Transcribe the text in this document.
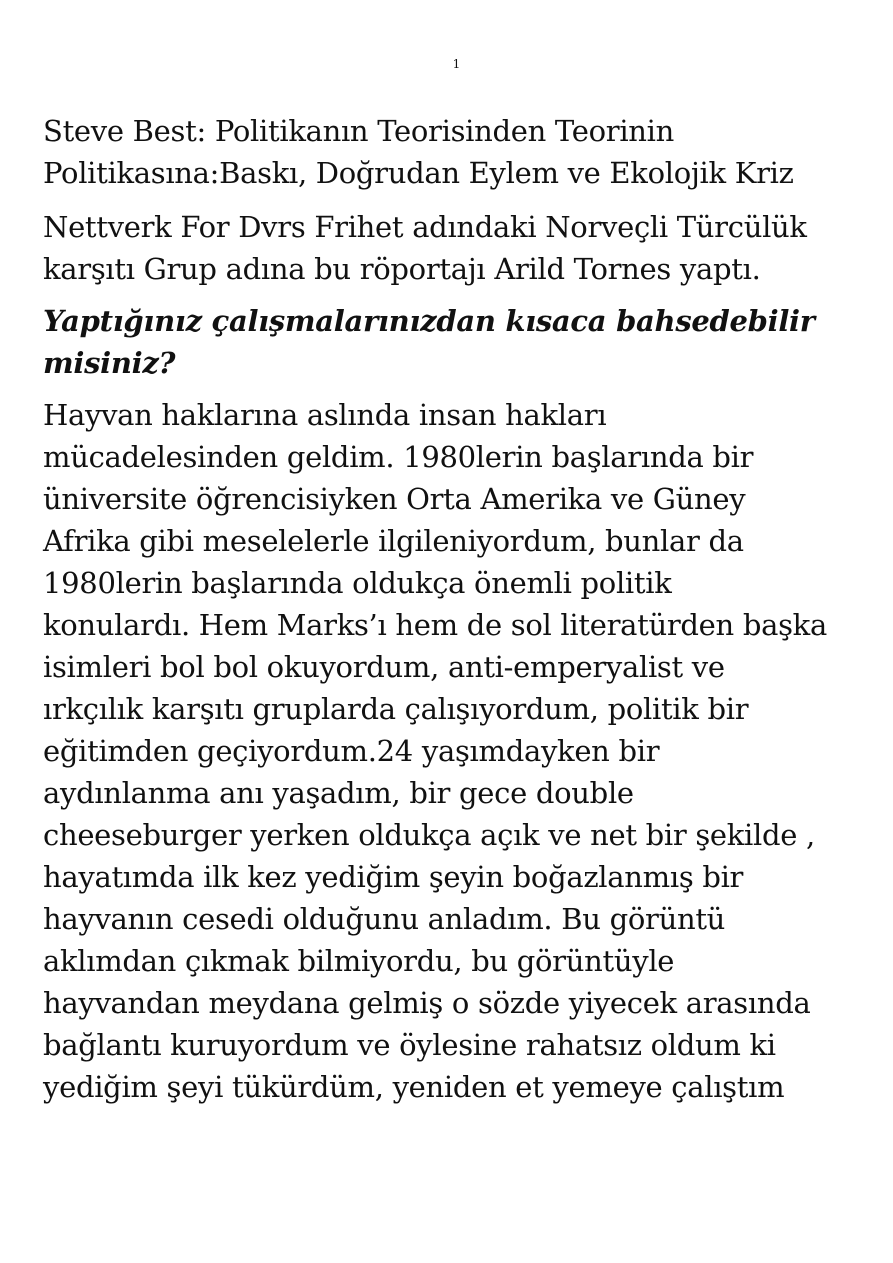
1

Steve Best: Politikanın Teorisinden Teorinin Politikasına:Baskı, Doğrudan Eylem ve Ekolojik Kriz

Nettverk For Dvrs Frihet adındaki Norveçli Türcülük karşıtı Grup adına bu röportajı Arild Tornes yaptı.

Yaptığınız çalışmalarınızdan kısaca bahsedebilir misiniz?

Hayvan haklarına aslında insan hakları
mücadelesinden geldim. 1980lerin başlarında bir
üniversite öğrencisiyken Orta Amerika ve Güney
Afrika gibi meselelerle ilgileniyordum, bunlar da
1980lerin başlarında oldukça önemli politik
konulardı. Hem Marks’ı hem de sol literatürden başka
isimleri bol bol okuyordum, anti-emperyalist ve
ırkçılık karşıtı gruplarda çalışıyordum, politik bir
eğitimden geçiyordum.24 yaşımdayken bir
aydınlanma anı yaşadım, bir gece double
cheeseburger yerken oldukça açık ve net bir şekilde ,
hayatımda ilk kez yediğim şeyin boğazlanmış bir
hayvanın cesedi olduğunu anladım. Bu görüntü
aklımdan çıkmak bilmiyordu, bu görüntüyle
hayvandan meydana gelmiş o sözde yiyecek arasında
bağlantı kuruyordum ve öylesine rahatsız oldum ki
yediğim şeyi tükürdüm, yeniden et yemeye çalıştım
